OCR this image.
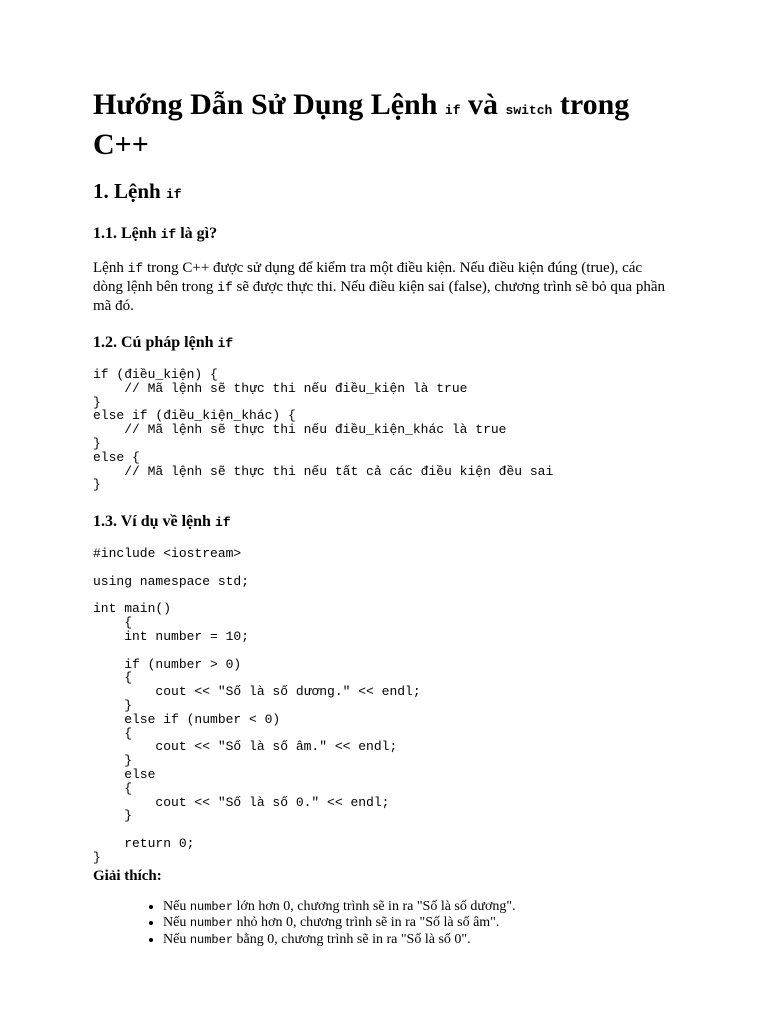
Hướng Dẫn Sử Dụng Lệnh if và switch trong C++
1. Lệnh if
1.1. Lệnh if là gì?

Lệnh if trong C++ được sử dụng để kiểm tra một điều kiện. Nếu điều kiện đúng (true), các dòng lệnh bên trong if sẽ được thực thi. Nếu điều kiện sai (false), chương trình sẽ bỏ qua phần mã đó.

1.2. Cú pháp lệnh if
if (điều_kiện) {
// Mã lệnh sẽ thực thi nếu điều_kiện là true
}
else if (điều_kiện_khác) {
// Mã lệnh sẽ thực thi nếu điều_kiện_khác là true
}
else {
// Mã lệnh sẽ thực thi nếu tất cả các điều kiện đều sai
}
1.3. Ví dụ về lệnh if
#include <iostream>

using namespace std;

int main()
{
int number = 10;

if (number > 0)
{
cout << "Số là số dương." << endl;
}
else if (number < 0)
{
cout << "Số là số âm." << endl;
}
else
{
cout << "Số là số 0." << endl;
}

return 0;
}
Giải thích:
• Nếu number lớn hơn 0, chương trình sẽ in ra "Số là số dương".
• Nếu number nhỏ hơn 0, chương trình sẽ in ra "Số là số âm".
• Nếu number bằng 0, chương trình sẽ in ra "Số là số 0".
